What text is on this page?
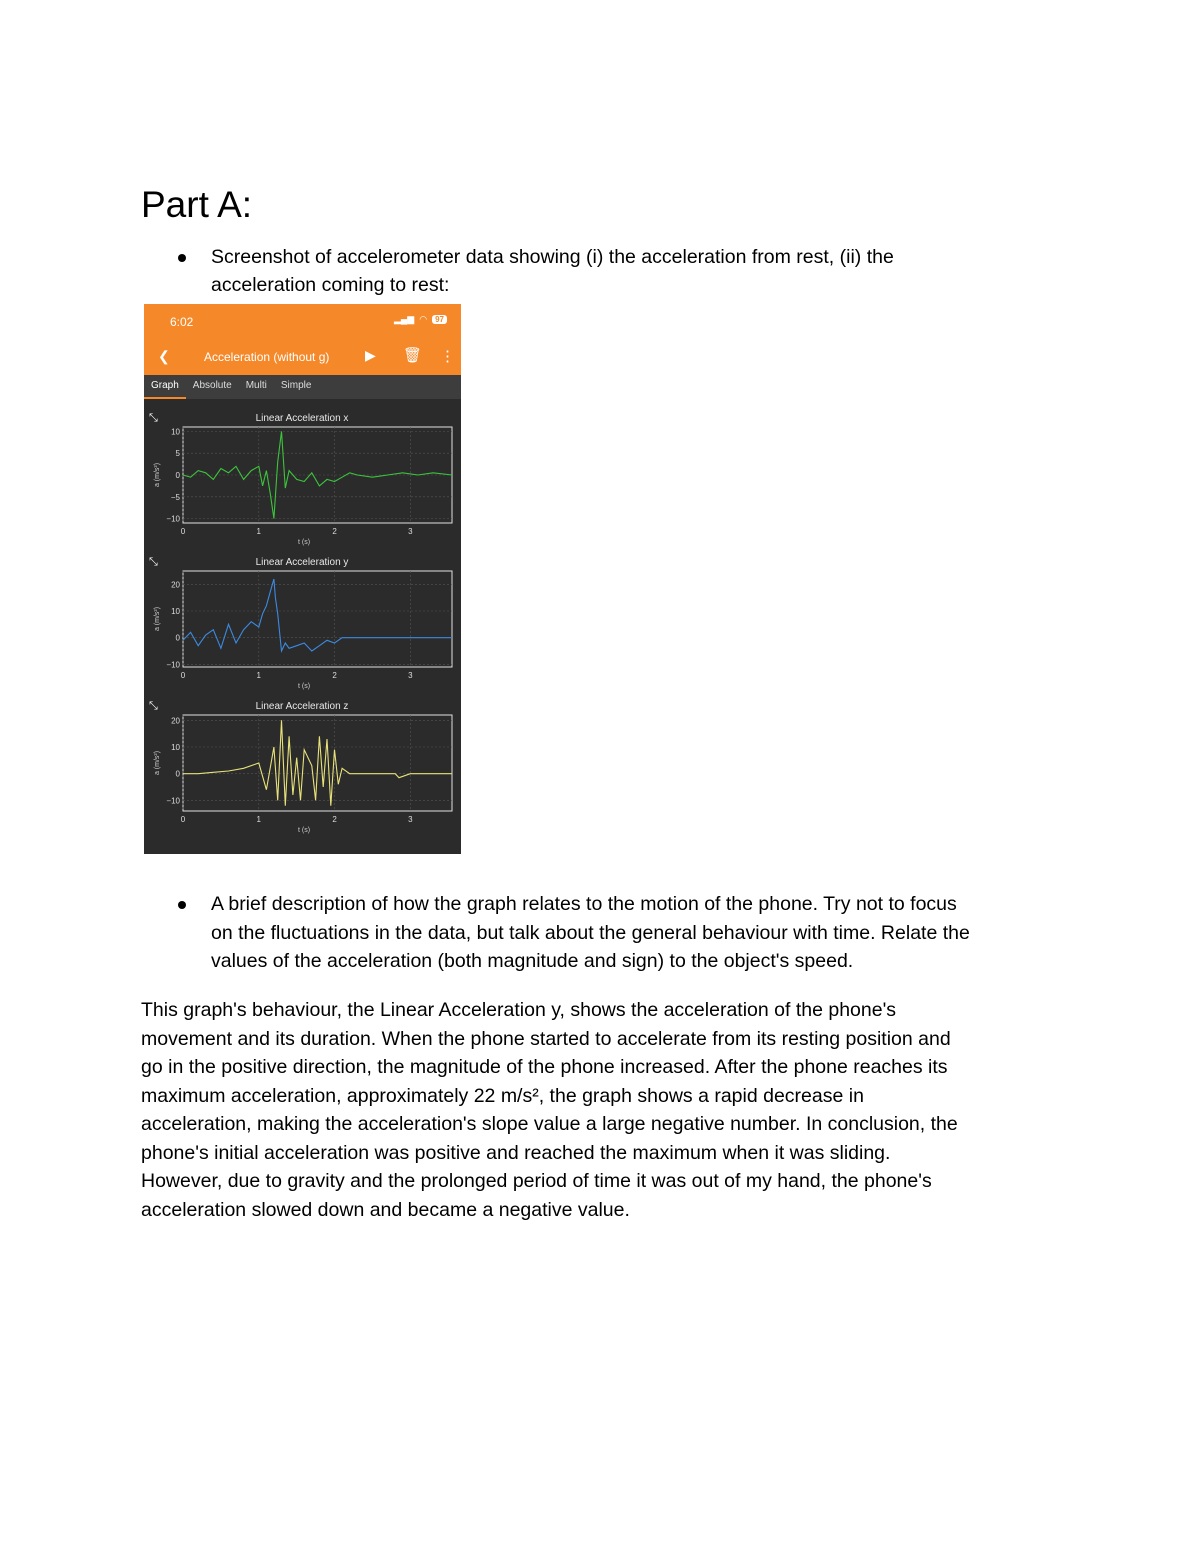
Part A:

Screenshot of accelerometer data showing (i) the acceleration from rest, (ii) the

acceleration coming to rest:

6:02	▂▄▆ ◠	97
❮	Acceleration (without g)	▶ 🗑 ⋮
Graph	Absolute	Multi	Simple
⤡	Linear Acceleration x
10
5
0
−5
−10
0	1	2	3
t (s)
a (m/s²)
⤡	Linear Acceleration y
20
10
0
−10
0	1	2	3
t (s)
a (m/s²)
⤡	Linear Acceleration z
20
10
0
−10
0	1	2	3
t (s)
a (m/s²)

A brief description of how the graph relates to the motion of the phone. Try not to focus

on the fluctuations in the data, but talk about the general behaviour with time. Relate the

values of the acceleration (both magnitude and sign) to the object's speed.

This graph's behaviour, the Linear Acceleration y, shows the acceleration of the phone's
movement and its duration. When the phone started to accelerate from its resting position and
go in the positive direction, the magnitude of the phone increased. After the phone reaches its
maximum acceleration, approximately 22 m/s², the graph shows a rapid decrease in
acceleration, making the acceleration's slope value a large negative number. In conclusion, the
phone's initial acceleration was positive and reached the maximum when it was sliding.
However, due to gravity and the prolonged period of time it was out of my hand, the phone's
acceleration slowed down and became a negative value.
